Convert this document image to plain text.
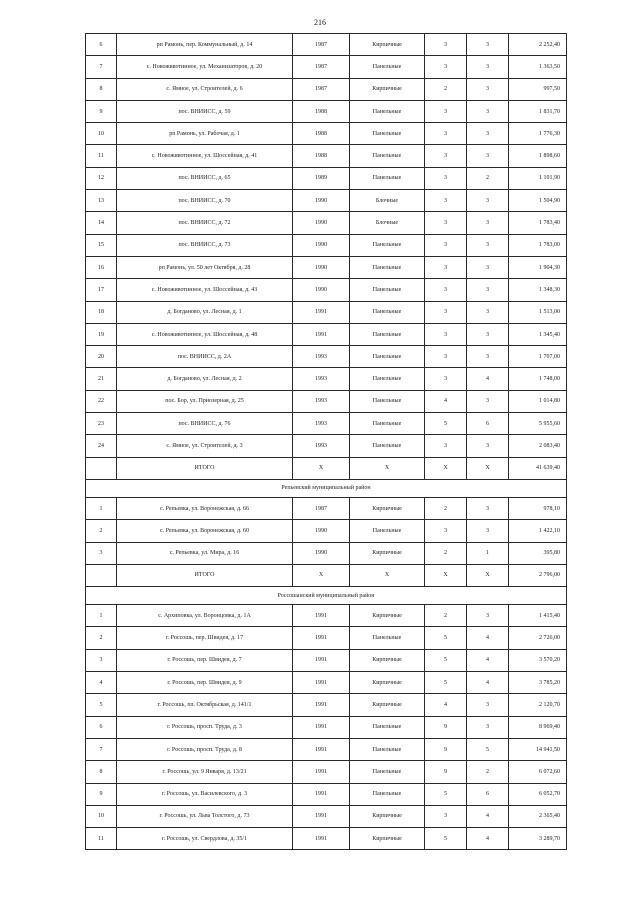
216
6	рп Рамонь, пер. Коммунальный, д. 14	1987	Кирпичные	3	3	2 252,40
7	с. Новоживотинное, ул. Механизаторов, д. 20	1987	Панельные	3	3	1 363,50
8	с. Ямное, ул. Строителей, д. 6	1987	Кирпичные	2	3	997,50
9	пос. ВНИИСС, д. 59	1988	Панельные	3	3	1 831,70
10	рп Рамонь, ул. Рабочая, д. 1	1988	Панельные	3	3	1 776,30
11	с. Новоживотинное, ул. Шоссейная, д. 41	1988	Панельные	3	3	1 898,60
12	пос. ВНИИСС, д. 65	1989	Панельные	3	2	1 101,90
13	пос. ВНИИСС, д. 70	1990	Блочные	3	3	1 504,90
14	пос. ВНИИСС, д. 72	1990	Блочные	3	3	1 783,40
15	пос. ВНИИСС, д. 73	1990	Панельные	3	3	1 783,00
16	рп Рамонь, ул. 50 лет Октября, д. 28	1990	Панельные	3	3	1 904,30
17	с. Новоживотинное, ул. Шоссейная, д. 43	1990	Панельные	3	3	1 348,30
18	д. Богданово, ул. Лесная, д. 1	1991	Панельные	3	3	1 513,00
19	с. Новоживотинное, ул. Шоссейная, д. 48	1991	Панельные	3	3	1 345,40
20	пос. ВНИИСС, д. 2А	1993	Панельные	3	3	1 707,00
21	д. Богданово, ул. Лесная, д. 2	1993	Панельные	3	4	1 748,00
22	пос. Бор, ул. Приозерная, д. 25	1993	Панельные	4	3	1 014,80
23	пос. ВНИИСС, д. 76	1993	Панельные	5	6	5 955,60
24	с. Ямное, ул. Строителей, д. 3	1993	Панельные	3	3	2 083,40
	ИТОГО	X	X	X	X	41 639,40
Репьевский муниципальный район						
1	с. Репьевка, ул. Воронежская, д. 66	1987	Кирпичные	2	3	978,10
2	с. Репьевка, ул. Воронежская, д. 60	1990	Панельные	3	3	1 422,10
3	с. Репьевка, ул. Мира, д. 16	1990	Кирпичные	2	1	395,80
	ИТОГО	X	X	X	X	2 796,00
Россошанский муниципальный район						
1	с. Архиповка, ул. Воронцовка, д. 1А	1991	Кирпичные	2	3	1 415,40
2	г. Россошь, пер. Швидея, д. 17	1991	Панельные	5	4	2 726,00
3	г. Россошь, пер. Швидея, д. 7	1991	Кирпичные	5	4	3 570,20
4	г. Россошь, пер. Швидея, д. 9	1991	Кирпичные	5	4	3 785,20
5	г. Россошь, пл. Октябрьская, д. 141/1	1991	Кирпичные	4	3	2 120,70
6	г. Россошь, просп. Труда, д. 3	1991	Панельные	9	3	8 969,40
7	г. Россошь, просп. Труда, д. 8	1991	Панельные	9	5	14 941,50
8	г. Россошь, ул. 9 Января, д. 13/21	1991	Панельные	9	2	6 072,60
9	г. Россошь, ул. Василевского, д. 3	1991	Панельные	5	6	6 052,70
10	г. Россошь, ул. Льва Толстого, д. 73	1991	Кирпичные	3	4	2 365,40
11	г. Россошь, ул. Свердлова, д. 35/1	1991	Кирпичные	5	4	3 289,70
